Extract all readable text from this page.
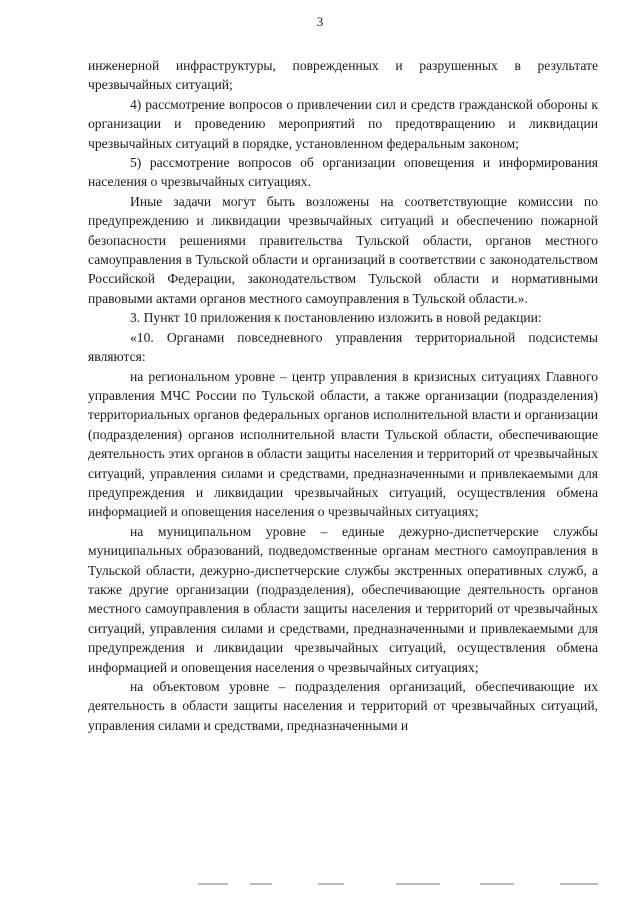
3

инженерной инфраструктуры, поврежденных и разрушенных в результате чрезвычайных ситуаций;

4) рассмотрение вопросов о привлечении сил и средств гражданской обороны к организации и проведению мероприятий по предотвращению и ликвидации чрезвычайных ситуаций в порядке, установленном федеральным законом;

5) рассмотрение вопросов об организации оповещения и информирования населения о чрезвычайных ситуациях.

Иные задачи могут быть возложены на соответствующие комиссии по предупреждению и ликвидации чрезвычайных ситуаций и обеспечению пожарной безопасности решениями правительства Тульской области, органов местного самоуправления в Тульской области и организаций в соответствии с законодательством Российской Федерации, законодательством Тульской области и нормативными правовыми актами органов местного самоуправления в Тульской области.».

3. Пункт 10 приложения к постановлению изложить в новой редакции:

«10. Органами повседневного управления территориальной подсистемы являются:

на региональном уровне – центр управления в кризисных ситуациях Главного управления МЧС России по Тульской области, а также организации (подразделения) территориальных органов федеральных органов исполнительной власти и организации (подразделения) органов исполнительной власти Тульской области, обеспечивающие деятельность этих органов в области защиты населения и территорий от чрезвычайных ситуаций, управления силами и средствами, предназначенными и привлекаемыми для предупреждения и ликвидации чрезвычайных ситуаций, осуществления обмена информацией и оповещения населения о чрезвычайных ситуациях;

на муниципальном уровне – единые дежурно-диспетчерские службы муниципальных образований, подведомственные органам местного самоуправления в Тульской области, дежурно-диспетчерские службы экстренных оперативных служб, а также другие организации (подразделения), обеспечивающие деятельность органов местного самоуправления в области защиты населения и территорий от чрезвычайных ситуаций, управления силами и средствами, предназначенными и привлекаемыми для предупреждения и ликвидации чрезвычайных ситуаций, осуществления обмена информацией и оповещения населения о чрезвычайных ситуациях;

на объектовом уровне – подразделения организаций, обеспечивающие их деятельность в области защиты населения и территорий от чрезвычайных ситуаций, управления силами и средствами, предназначенными и
